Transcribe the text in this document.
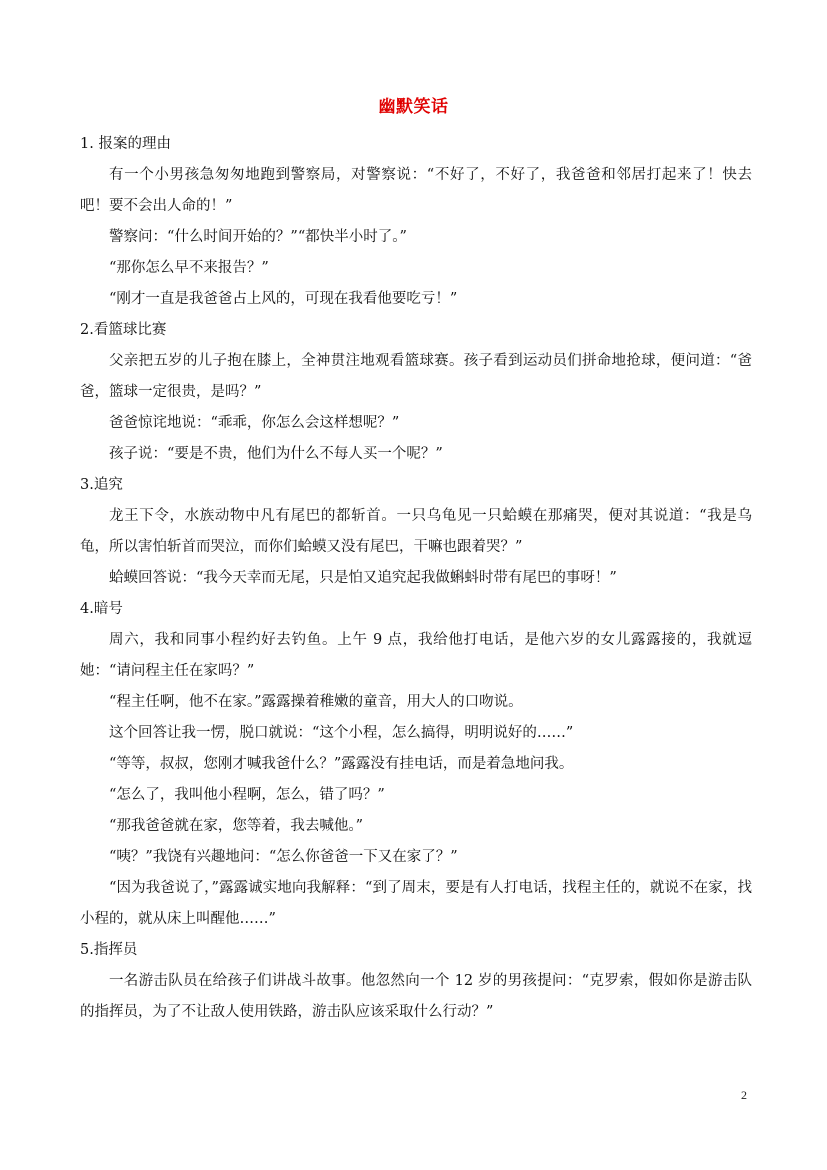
幽默笑话

1. 报案的理由

有一个小男孩急匆匆地跑到警察局，对警察说：“不好了，不好了，我爸爸和邻居打起来了！快去吧！要不会出人命的！”

警察问：“什么时间开始的？”“都快半小时了。”

“那你怎么早不来报告？”

“刚才一直是我爸爸占上风的，可现在我看他要吃亏！”

2.看篮球比赛

父亲把五岁的儿子抱在膝上，全神贯注地观看篮球赛。孩子看到运动员们拼命地抢球，便问道：“爸爸，篮球一定很贵，是吗？”

爸爸惊诧地说：“乖乖，你怎么会这样想呢？”

孩子说：“要是不贵，他们为什么不每人买一个呢？”

3.追究

龙王下令，水族动物中凡有尾巴的都斩首。一只乌龟见一只蛤蟆在那痛哭，便对其说道：“我是乌龟，所以害怕斩首而哭泣，而你们蛤蟆又没有尾巴，干嘛也跟着哭？”

蛤蟆回答说：“我今天幸而无尾，只是怕又追究起我做蝌蚪时带有尾巴的事呀！”

4.暗号

周六，我和同事小程约好去钓鱼。上午 9 点，我给他打电话，是他六岁的女儿露露接的，我就逗她：“请问程主任在家吗？”

“程主任啊，他不在家。”露露操着稚嫩的童音，用大人的口吻说。

这个回答让我一愣，脱口就说：“这个小程，怎么搞得，明明说好的……”

“等等，叔叔，您刚才喊我爸什么？”露露没有挂电话，而是着急地问我。

“怎么了，我叫他小程啊，怎么，错了吗？”

“那我爸爸就在家，您等着，我去喊他。”

“咦？”我饶有兴趣地问：“怎么你爸爸一下又在家了？”

“因为我爸说了，”露露诚实地向我解释：“到了周末，要是有人打电话，找程主任的，就说不在家，找小程的，就从床上叫醒他……”

5.指挥员

一名游击队员在给孩子们讲战斗故事。他忽然向一个 12 岁的男孩提问：“克罗索，假如你是游击队的指挥员，为了不让敌人使用铁路，游击队应该采取什么行动？”

2
